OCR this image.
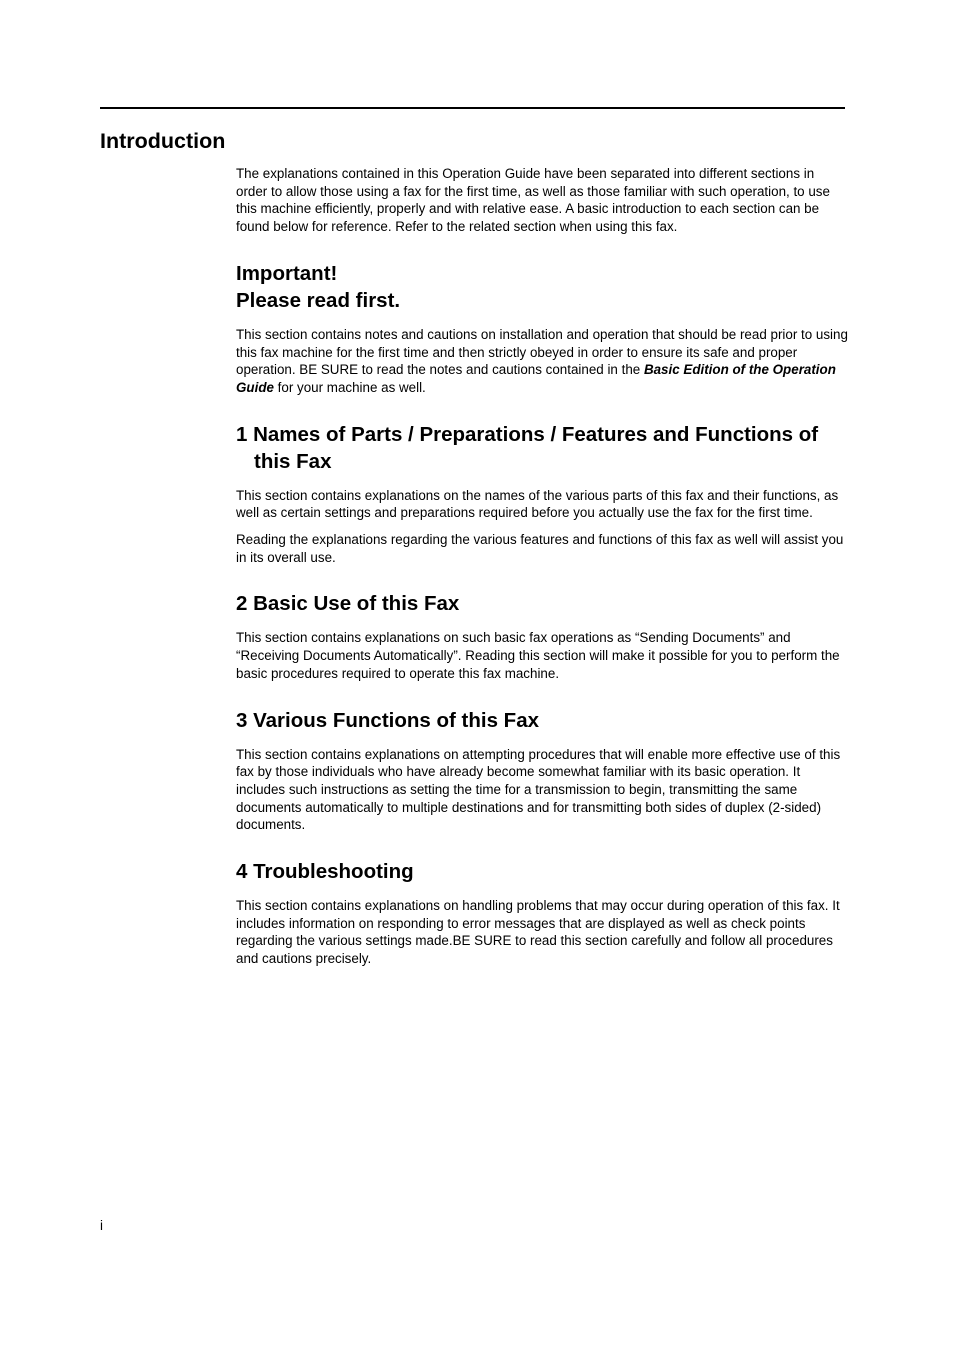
Introduction

The explanations contained in this Operation Guide have been separated into different sections in order to allow those using a fax for the first time, as well as those familiar with such operation, to use this machine efficiently, properly and with relative ease. A basic introduction to each section can be found below for reference. Refer to the related section when using this fax.

Important!
Please read first.

This section contains notes and cautions on installation and operation that should be read prior to using this fax machine for the first time and then strictly obeyed in order to ensure its safe and proper operation. BE SURE to read the notes and cautions contained in the Basic Edition of the Operation Guide for your machine as well.

1 Names of Parts / Preparations / Features and Functions of this Fax

This section contains explanations on the names of the various parts of this fax and their functions, as well as certain settings and preparations required before you actually use the fax for the first time.

Reading the explanations regarding the various features and functions of this fax as well will assist you in its overall use.

2 Basic Use of this Fax

This section contains explanations on such basic fax operations as “Sending Documents” and “Receiving Documents Automatically”. Reading this section will make it possible for you to perform the basic procedures required to operate this fax machine.

3 Various Functions of this Fax

This section contains explanations on attempting procedures that will enable more effective use of this fax by those individuals who have already become somewhat familiar with its basic operation. It includes such instructions as setting the time for a transmission to begin, transmitting the same documents automatically to multiple destinations and for transmitting both sides of duplex (2-sided) documents.

4 Troubleshooting

This section contains explanations on handling problems that may occur during operation of this fax. It includes information on responding to error messages that are displayed as well as check points regarding the various settings made.BE SURE to read this section carefully and follow all procedures and cautions precisely.

i
